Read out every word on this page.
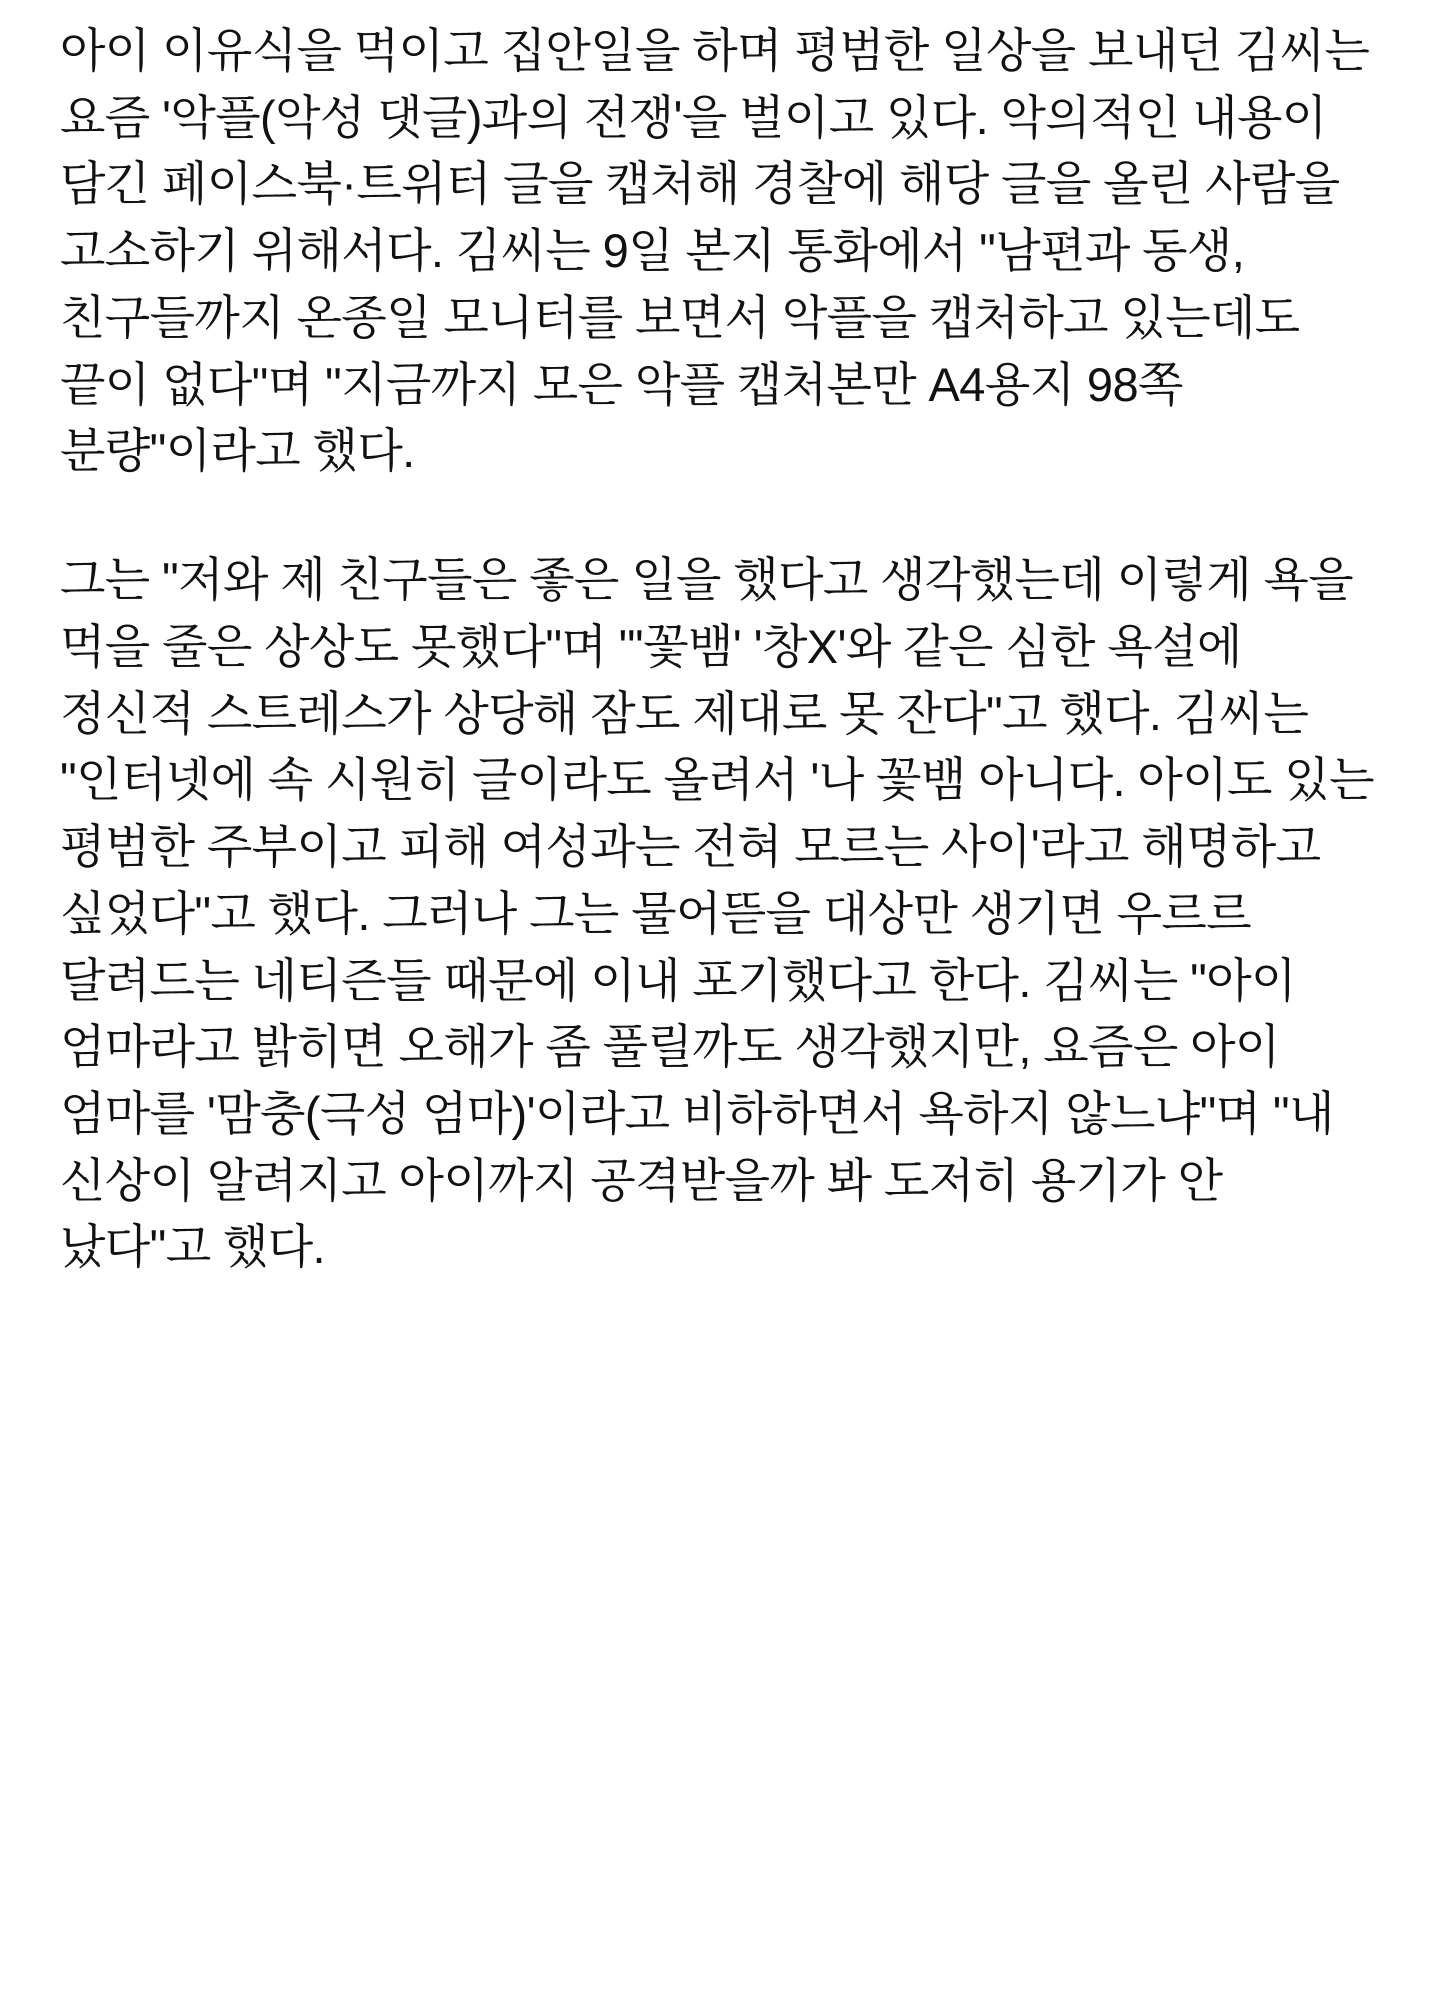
아이 이유식을 먹이고 집안일을 하며 평범한 일상을 보내던 김씨는 요즘 '악플(악성 댓글)과의 전쟁'을 벌이고 있다. 악의적인 내용이 담긴 페이스북·트위터 글을 캡처해 경찰에 해당 글을 올린 사람을 고소하기 위해서다. 김씨는 9일 본지 통화에서 "남편과 동생, 친구들까지 온종일 모니터를 보면서 악플을 캡처하고 있는데도 끝이 없다"며 "지금까지 모은 악플 캡처본만 A4용지 98쪽 분량"이라고 했다.

그는 "저와 제 친구들은 좋은 일을 했다고 생각했는데 이렇게 욕을 먹을 줄은 상상도 못했다"며 "'꽃뱀' '창X'와 같은 심한 욕설에 정신적 스트레스가 상당해 잠도 제대로 못 잔다"고 했다. 김씨는 "인터넷에 속 시원히 글이라도 올려서 '나 꽃뱀 아니다. 아이도 있는 평범한 주부이고 피해 여성과는 전혀 모르는 사이'라고 해명하고 싶었다"고 했다. 그러나 그는 물어뜯을 대상만 생기면 우르르 달려드는 네티즌들 때문에 이내 포기했다고 한다. 김씨는 "아이 엄마라고 밝히면 오해가 좀 풀릴까도 생각했지만, 요즘은 아이 엄마를 '맘충(극성 엄마)'이라고 비하하면서 욕하지 않느냐"며 "내 신상이 알려지고 아이까지 공격받을까 봐 도저히 용기가 안 났다"고 했다.
